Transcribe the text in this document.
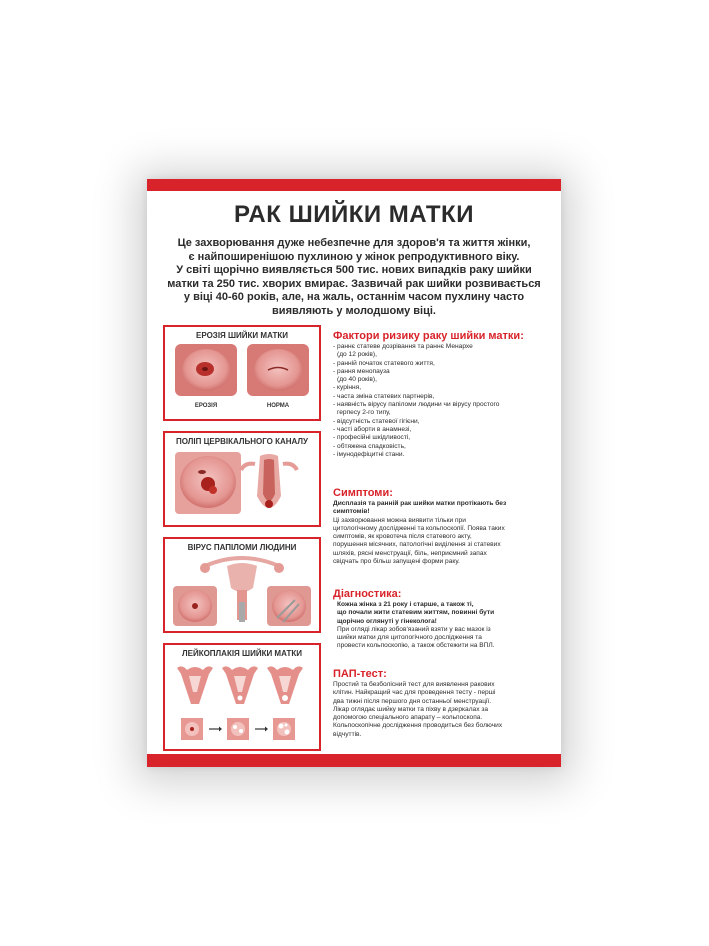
РАК ШИЙКИ МАТКИ
Це захворювання дуже небезпечне для здоров'я та життя жінки,
є найпоширенішою пухлиною у жінок репродуктивного віку.
У світі щорічно виявляється 500 тис. нових випадків раку шийки
матки та 250 тис. хворих вмирає. Зазвичай рак шийки розвивається
у віці 40-60 років, але, на жаль, останнім часом пухлину часто
виявляють у молодшому віці.
ЕРОЗІЯ ШИЙКИ МАТКИ
ЕРОЗІЯ	НОРМА
ПОЛІП ЦЕРВІКАЛЬНОГО КАНАЛУ
ВІРУС ПАПІЛОМИ ЛЮДИНИ
ЛЕЙКОПЛАКІЯ ШИЙКИ МАТКИ
Фактори ризику раку шийки матки:
- раннє статеве дозрівання та раннє Менархе
(до 12 років),
- ранній початок статевого життя,
- рання менопауза
(до 40 років),
- куріння,
- часта зміна статевих партнерів,
- наявність вірусу папіломи людини чи вірусу простого
герпесу 2-го типу,
- відсутність статевої гігієни,
- часті аборти в анамнезі,
- професійні шкідливості,
- обтяжена спадковість,
- імунодефіцитні стани.
Симптоми:
Дисплазія та ранній рак шийки матки протікають без
симптомів!
Ці захворювання можна виявити тільки при
цитологічному дослідженні та кольпоскопії. Поява таких
симптомів, як кровотеча після статевого акту,
порушення місячних, патологічні виділення зі статевих
шляхів, рясні менструації, біль, неприємний запах
свідчать про більш запущені форми раку.
Діагностика:
Кожна жінка з 21 року і старше, а також ті,
що почали жити статевим життям, повинні бути
щорічно оглянуті у гінеколога!
При огляді лікар зобов'язаний взяти у вас мазок із
шийки матки для цитологічного дослідження та
провести кольпоскопію, а також обстежити на ВПЛ.
ПАП-тест:
Простий та безболісний тест для виявлення ракових
клітин. Найкращий час для проведення тесту - перші
два тижні після першого дня останньої менструації.
Лікар оглядає шийку матки та піхву в дзеркалах за
допомогою спеціального апарату – кольпоскопа.
Кольпоскопічне дослідження проводиться без болючих
відчуттів.
